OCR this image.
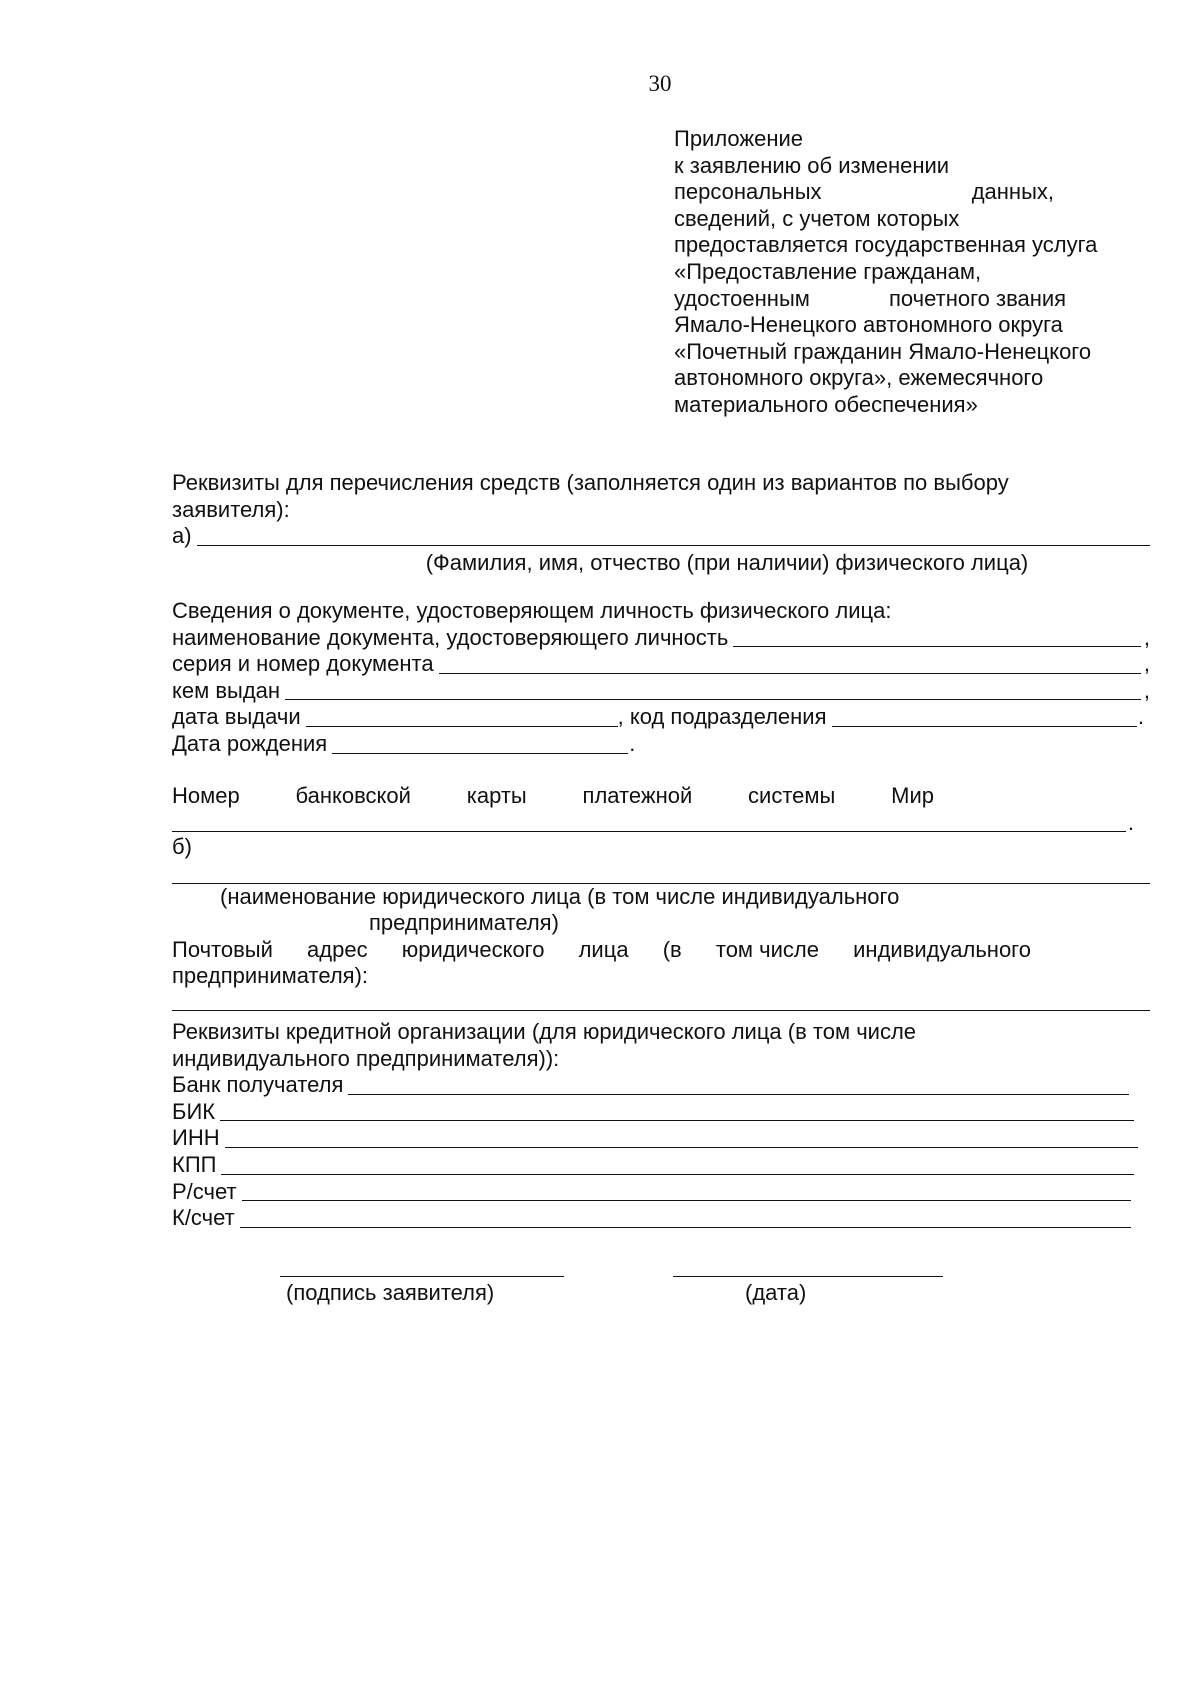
30
Приложение
к заявлению об изменении
персональных	данных,
сведений, с учетом которых
предоставляется государственная услуга
«Предоставление гражданам,
удостоенным	почетного звания
Ямало-Ненецкого автономного округа
«Почетный гражданин Ямало-Ненецкого
автономного округа», ежемесячного
материального обеспечения»
Реквизиты для перечисления средств (заполняется один из вариантов по выбору
заявителя):
а)
(Фамилия, имя, отчество (при наличии) физического лица)
Сведения о документе, удостоверяющем личность физического лица:
наименование документа, удостоверяющего личность	,
серия и номер документа	,
кем выдан	,
дата выдачи	, код подразделения	.
Дата рождения	.
Номер	банковской	карты	платежной	системы	Мир
.
б)
(наименование юридического лица (в том числе индивидуального
предпринимателя)
Почтовый адрес юридического лица (в том числе индивидуального
предпринимателя):
Реквизиты кредитной организации (для юридического лица (в том числе
индивидуального предпринимателя)):
Банк получателя
БИК
ИНН
КПП
Р/счет
К/счет
(подпись заявителя)	(дата)
